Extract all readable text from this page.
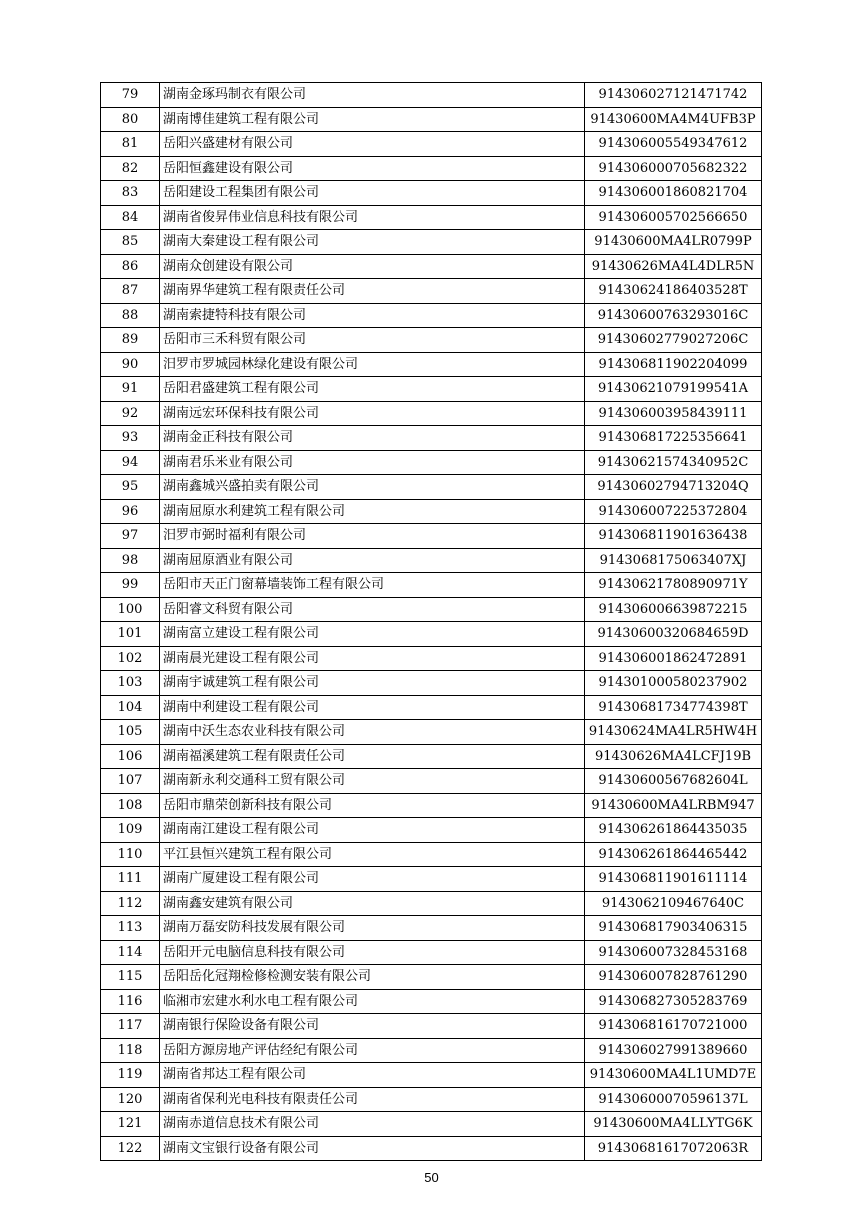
79	湖南金琢玛制衣有限公司	914306027121471742
80	湖南博佳建筑工程有限公司	91430600MA4M4UFB3P
81	岳阳兴盛建材有限公司	914306005549347612
82	岳阳恒鑫建设有限公司	914306000705682322
83	岳阳建设工程集团有限公司	914306001860821704
84	湖南省俊昇伟业信息科技有限公司	914306005702566650
85	湖南大秦建设工程有限公司	91430600MA4LR0799P
86	湖南众创建设有限公司	91430626MA4L4DLR5N
87	湖南界华建筑工程有限责任公司	91430624186403528T
88	湖南索捷特科技有限公司	91430600763293016C
89	岳阳市三禾科贸有限公司	91430602779027206C
90	汨罗市罗城园林绿化建设有限公司	914306811902204099
91	岳阳君盛建筑工程有限公司	91430621079199541A
92	湖南远宏环保科技有限公司	914306003958439111
93	湖南金正科技有限公司	914306817225356641
94	湖南君乐米业有限公司	91430621574340952C
95	湖南鑫城兴盛拍卖有限公司	91430602794713204Q
96	湖南屈原水利建筑工程有限公司	914306007225372804
97	汨罗市弼时福利有限公司	914306811901636438
98	湖南屈原酒业有限公司	9143068175063407XJ
99	岳阳市天正门窗幕墙装饰工程有限公司	91430621780890971Y
100	岳阳睿文科贸有限公司	914306006639872215
101	湖南富立建设工程有限公司	91430600320684659D
102	湖南晨光建设工程有限公司	914306001862472891
103	湖南宇诚建筑工程有限公司	914301000580237902
104	湖南中利建设工程有限公司	91430681734774398T
105	湖南中沃生态农业科技有限公司	91430624MA4LR5HW4H
106	湖南福溪建筑工程有限责任公司	91430626MA4LCFJ19B
107	湖南新永利交通科工贸有限公司	91430600567682604L
108	岳阳市鼎荣创新科技有限公司	91430600MA4LRBM947
109	湖南南江建设工程有限公司	914306261864435035
110	平江县恒兴建筑工程有限公司	914306261864465442
111	湖南广厦建设工程有限公司	914306811901611114
112	湖南鑫安建筑有限公司	9143062109467640C
113	湖南万磊安防科技发展有限公司	914306817903406315
114	岳阳开元电脑信息科技有限公司	914306007328453168
115	岳阳岳化冠翔检修检测安装有限公司	914306007828761290
116	临湘市宏建水利水电工程有限公司	914306827305283769
117	湖南银行保险设备有限公司	914306816170721000
118	岳阳方源房地产评估经纪有限公司	914306027991389660
119	湖南省邦达工程有限公司	91430600MA4L1UMD7E
120	湖南省保利光电科技有限责任公司	91430600070596137L
121	湖南赤道信息技术有限公司	91430600MA4LLYTG6K
122	湖南文宝银行设备有限公司	91430681617072063R
50
